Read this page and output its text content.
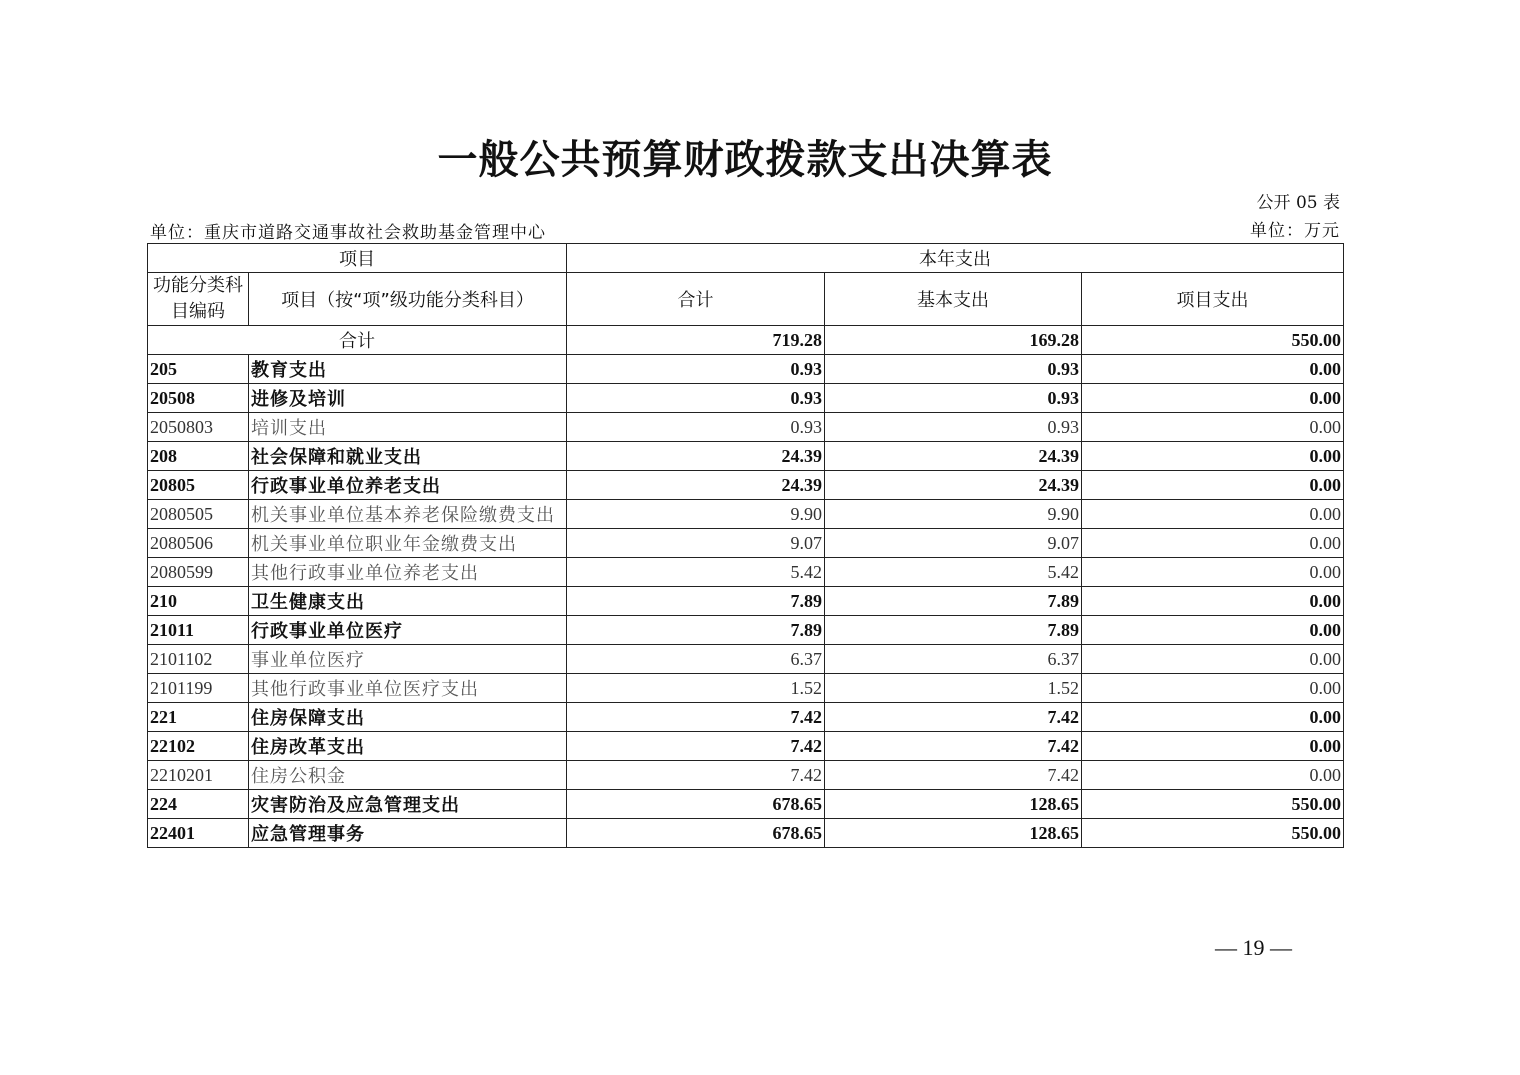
一般公共预算财政拨款支出决算表
公开 05 表
单位：重庆市道路交通事故社会救助基金管理中心	单位：万元
项目		本年支出		
功能分类科目编码	项目（按“项”级功能分类科目）	合计	基本支出	项目支出
合计		719.28	169.28	550.00
205	教育支出	0.93	0.93	0.00
20508	进修及培训	0.93	0.93	0.00
2050803	培训支出	0.93	0.93	0.00
208	社会保障和就业支出	24.39	24.39	0.00
20805	行政事业单位养老支出	24.39	24.39	0.00
2080505	机关事业单位基本养老保险缴费支出	9.90	9.90	0.00
2080506	机关事业单位职业年金缴费支出	9.07	9.07	0.00
2080599	其他行政事业单位养老支出	5.42	5.42	0.00
210	卫生健康支出	7.89	7.89	0.00
21011	行政事业单位医疗	7.89	7.89	0.00
2101102	事业单位医疗	6.37	6.37	0.00
2101199	其他行政事业单位医疗支出	1.52	1.52	0.00
221	住房保障支出	7.42	7.42	0.00
22102	住房改革支出	7.42	7.42	0.00
2210201	住房公积金	7.42	7.42	0.00
224	灾害防治及应急管理支出	678.65	128.65	550.00
22401	应急管理事务	678.65	128.65	550.00
— 19 —
